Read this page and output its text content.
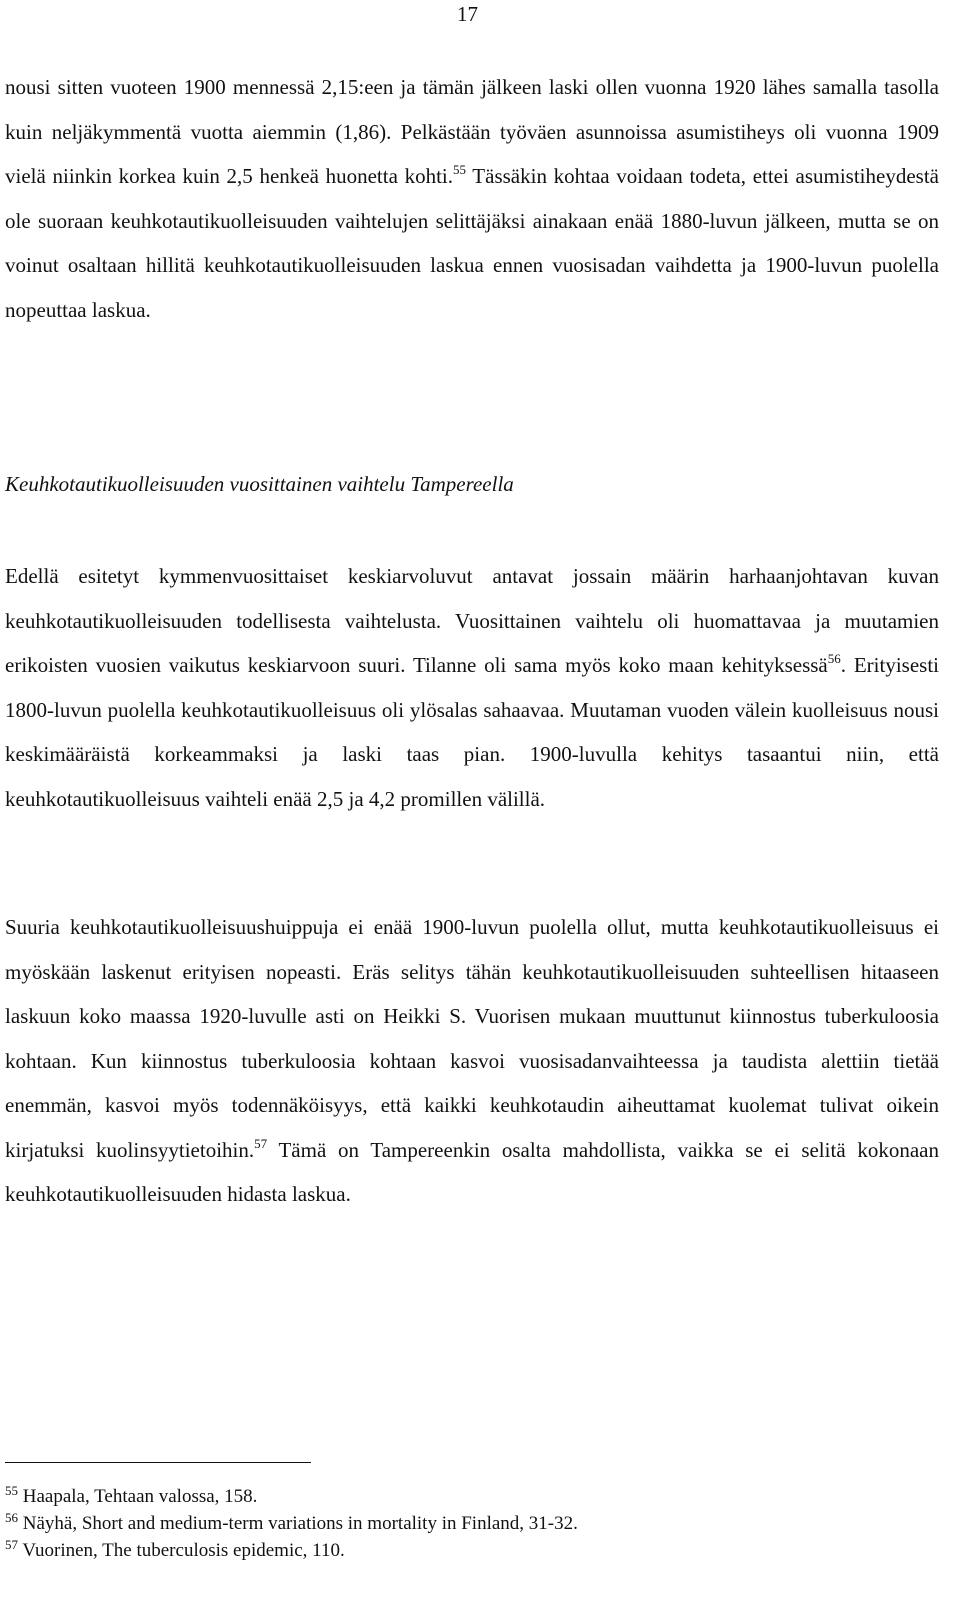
17

nousi sitten vuoteen 1900 mennessä 2,15:een ja tämän jälkeen laski ollen vuonna 1920 lähes samalla tasolla kuin neljäkymmentä vuotta aiemmin (1,86). Pelkästään työväen asunnoissa asumistiheys oli vuonna 1909 vielä niinkin korkea kuin 2,5 henkeä huonetta kohti.$^{55}$ Tässäkin kohtaa voidaan todeta, ettei asumistiheydestä ole suoraan keuhkotautikuolleisuuden vaihtelujen selittäjäksi ainakaan enää 1880-luvun jälkeen, mutta se on voinut osaltaan hillitä keuhkotautikuolleisuuden laskua ennen vuosisadan vaihdetta ja 1900-luvun puolella nopeuttaa laskua.

Keuhkotautikuolleisuuden vuosittainen vaihtelu Tampereella

Edellä esitetyt kymmenvuosittaiset keskiarvoluvut antavat jossain määrin harhaanjohtavan kuvan keuhkotautikuolleisuuden todellisesta vaihtelusta. Vuosittainen vaihtelu oli huomattavaa ja muutamien erikoisten vuosien vaikutus keskiarvoon suuri. Tilanne oli sama myös koko maan kehityksessä$^{56}$. Erityisesti 1800-luvun puolella keuhkotautikuolleisuus oli ylösalas sahaavaa. Muutaman vuoden välein kuolleisuus nousi keskimääräistä korkeammaksi ja laski taas pian. 1900-luvulla kehitys tasaantui niin, että keuhkotautikuolleisuus vaihteli enää 2,5 ja 4,2 promillen välillä.

Suuria keuhkotautikuolleisuushuippuja ei enää 1900-luvun puolella ollut, mutta keuhkotautikuolleisuus ei myöskään laskenut erityisen nopeasti. Eräs selitys tähän keuhkotautikuolleisuuden suhteellisen hitaaseen laskuun koko maassa 1920-luvulle asti on Heikki S. Vuorisen mukaan muuttunut kiinnostus tuberkuloosia kohtaan. Kun kiinnostus tuberkuloosia kohtaan kasvoi vuosisadanvaihteessa ja taudista alettiin tietää enemmän, kasvoi myös todennäköisyys, että kaikki keuhkotaudin aiheuttamat kuolemat tulivat oikein kirjatuksi kuolinsyytietoihin.$^{57}$ Tämä on Tampereenkin osalta mahdollista, vaikka se ei selitä kokonaan keuhkotautikuolleisuuden hidasta laskua.

$^{55}$ Haapala, Tehtaan valossa, 158.

$^{56}$ Näyhä, Short and medium-term variations in mortality in Finland, 31-32.

$^{57}$ Vuorinen, The tuberculosis epidemic, 110.
